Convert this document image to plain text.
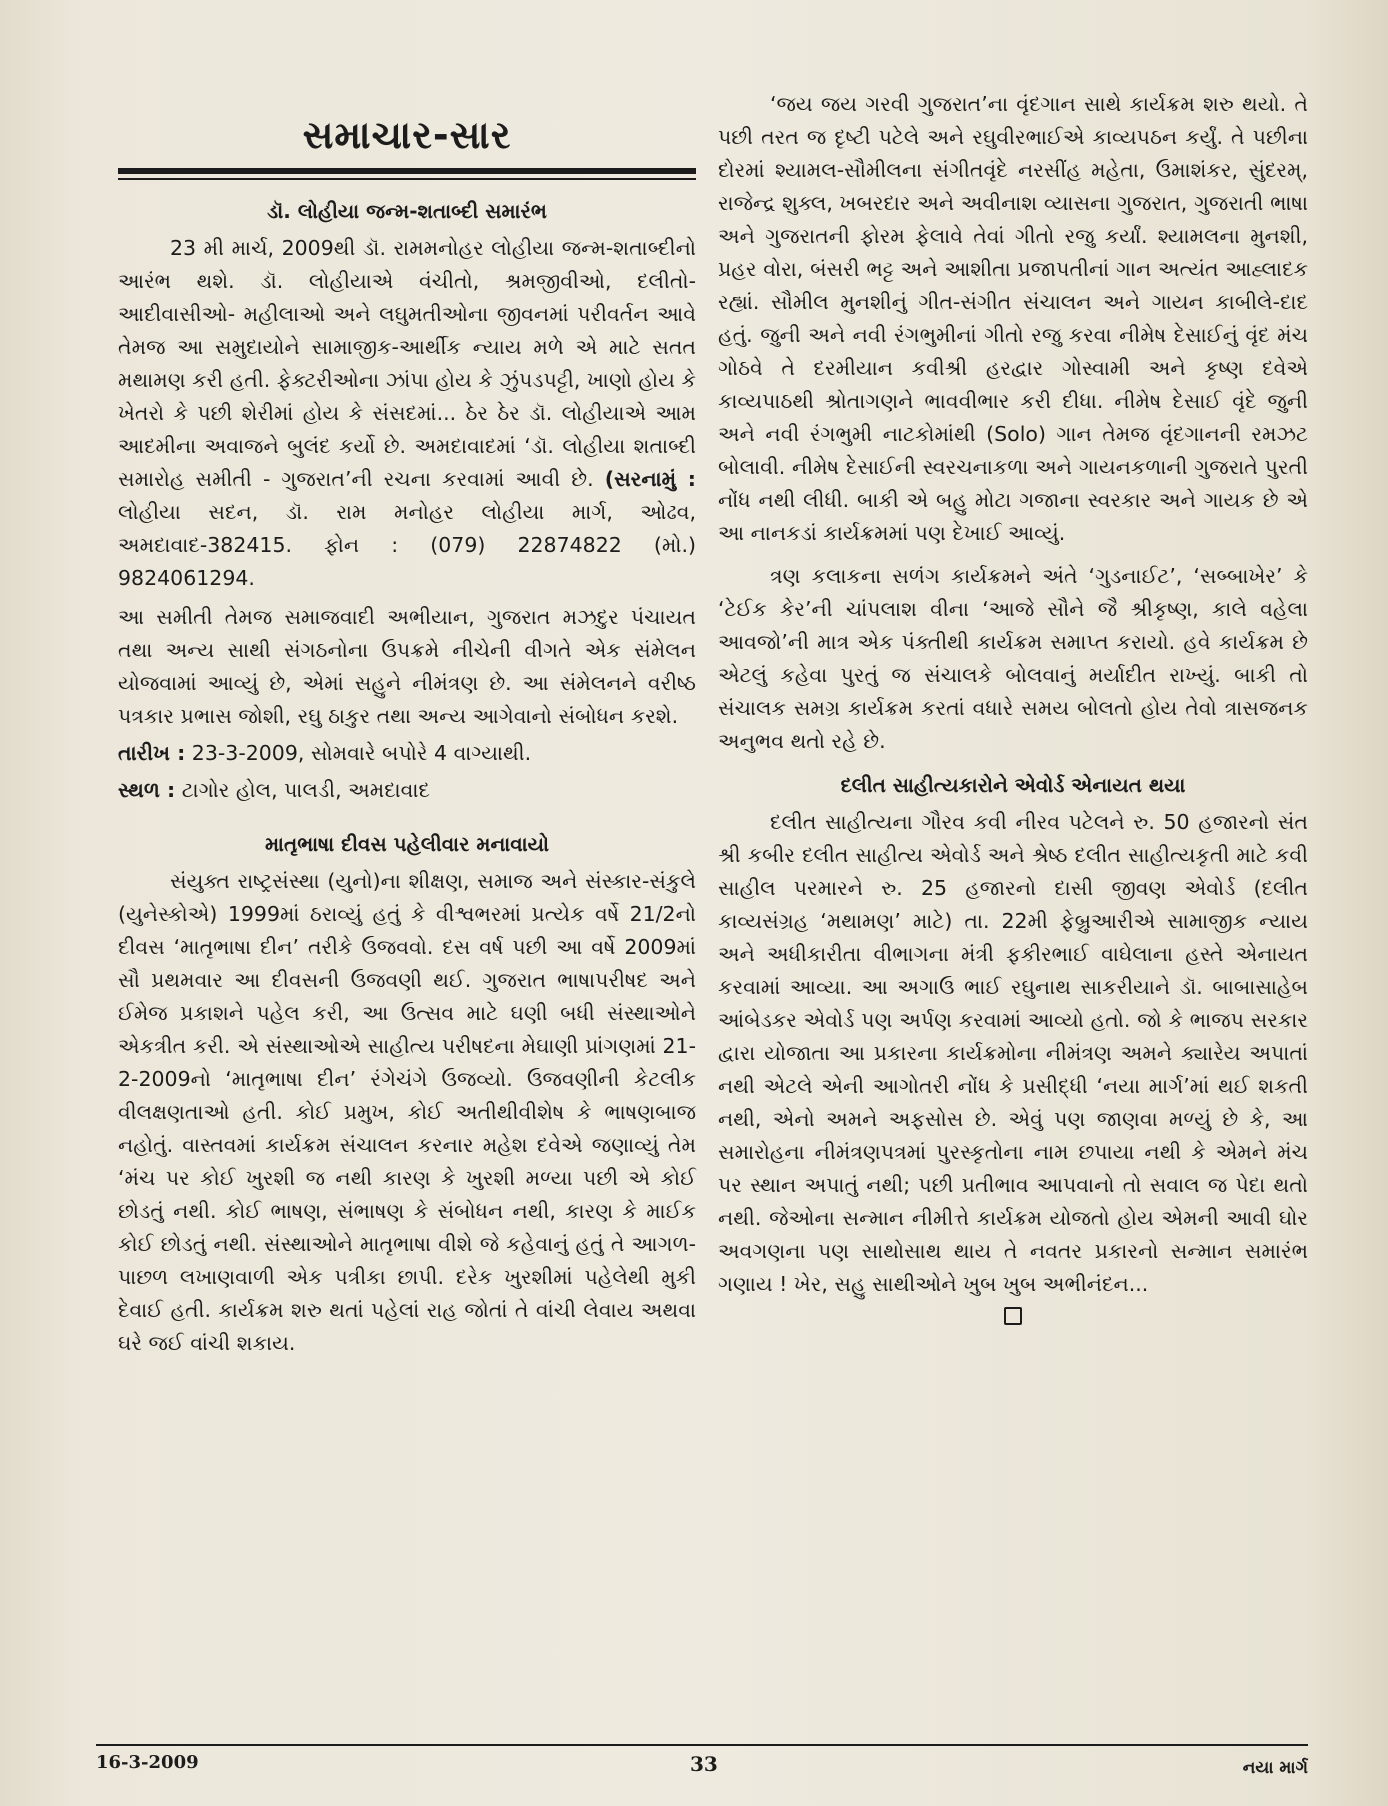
સમાચાર-સાર
ડૉ. લોહીયા જન્મ-શતાબ્દી સમારંભ

23 મી માર્ચ, 2009થી ડૉ. રામમનોહર લોહીયા જન્મ-શતાબ્દીનો આરંભ થશે. ડૉ. લોહીયાએ વંચીતો, શ્રમજીવીઓ, દલીતો-આદીવાસીઓ- મહીલાઓ અને લઘુમતીઓના જીવનમાં પરીવર્તન આવે તેમજ આ સમુદાયોને સામાજીક-આર્થીક ન્યાય મળે એ માટે સતત મથામણ કરી હતી. ફેક્ટરીઓના ઝાંપા હોય કે ઝુંપડપટ્ટી, ખાણો હોય કે ખેતરો કે પછી શેરીમાં હોય કે સંસદમાં... ઠેર ઠેર ડૉ. લોહીયાએ આમ આદમીના અવાજને બુલંદ કર્યો છે. અમદાવાદમાં ‘ડૉ. લોહીયા શતાબ્દી સમારોહ સમીતી - ગુજરાત’ની રચના કરવામાં આવી છે. (સરનામું : લોહીયા સદન, ડૉ. રામ મનોહર લોહીયા માર્ગ, ઓઢવ, અમદાવાદ-382415. ફોન : (079) 22874822 (મો.) 9824061294.

આ સમીતી તેમજ સમાજવાદી અભીયાન, ગુજરાત મઝદુર પંચાયત તથા અન્ય સાથી સંગઠનોના ઉપક્રમે નીચેની વીગતે એક સંમેલન યોજવામાં આવ્યું છે, એમાં સહુને નીમંત્રણ છે. આ સંમેલનને વરીષ્ઠ પત્રકાર પ્રભાસ જોશી, રઘુ ઠાકુર તથા અન્ય આગેવાનો સંબોધન કરશે.

તારીખ : 23-3-2009, સોમવારે બપોરે 4 વાગ્યાથી.
સ્થળ : ટાગોર હોલ, પાલડી, અમદાવાદ
માતૃભાષા દીવસ પહેલીવાર મનાવાયો

સંયુક્ત રાષ્ટ્રસંસ્થા (યુનો)ના શીક્ષણ, સમાજ અને સંસ્કાર-સંકુલે (યુનેસ્કોએ) 1999માં ઠરાવ્યું હતું કે વીશ્વભરમાં પ્રત્યેક વર્ષે 21/2નો દીવસ ‘માતૃભાષા દીન’ તરીકે ઉજવવો. દસ વર્ષ પછી આ વર્ષે 2009માં સૌ પ્રથમવાર આ દીવસની ઉજવણી થઈ. ગુજરાત ભાષાપરીષદ અને ઈમેજ પ્રકાશને પહેલ કરી, આ ઉત્સવ માટે ઘણી બધી સંસ્થાઓને એકત્રીત કરી. એ સંસ્થાઓએ સાહીત્ય પરીષદના મેઘાણી પ્રાંગણમાં 21-2-2009નો ‘માતૃભાષા દીન’ રંગેચંગે ઉજવ્યો. ઉજવણીની કેટલીક વીલક્ષણતાઓ હતી. કોઈ પ્રમુખ, કોઈ અતીથીવીશેષ કે ભાષણબાજ નહોતું. વાસ્તવમાં કાર્યક્રમ સંચાલન કરનાર મહેશ દવેએ જણાવ્યું તેમ ‘મંચ પર કોઈ ખુરશી જ નથી કારણ કે ખુરશી મળ્યા પછી એ કોઈ છોડતું નથી. કોઈ ભાષણ, સંભાષણ કે સંબોધન નથી, કારણ કે માઈક કોઈ છોડતું નથી. સંસ્થાઓને માતૃભાષા વીશે જે કહેવાનું હતું તે આગળ-પાછળ લખાણવાળી એક પત્રીકા છાપી. દરેક ખુરશીમાં પહેલેથી મુકી દેવાઈ હતી. કાર્યક્રમ શરુ થતાં પહેલાં રાહ જોતાં તે વાંચી લેવાય અથવા ઘરે જઈ વાંચી શકાય.

‘જય જય ગરવી ગુજરાત’ના વૃંદગાન સાથે કાર્યક્રમ શરુ થયો. તે પછી તરત જ દૃષ્ટી પટેલે અને રઘુવીરભાઈએ કાવ્યપઠન કર્યું. તે પછીના દોરમાં શ્યામલ-સૌમીલના સંગીતવૃંદે નરસીંહ મહેતા, ઉમાશંકર, સુંદરમ્, રાજેન્દ્ર શુક્લ, ખબરદાર અને અવીનાશ વ્યાસના ગુજરાત, ગુજરાતી ભાષા અને ગુજરાતની ફોરમ ફેલાવે તેવાં ગીતો રજુ કર્યાં. શ્યામલના મુનશી, પ્રહર વોરા, બંસરી ભટ્ટ અને આશીતા પ્રજાપતીનાં ગાન અત્યંત આહ્લાદક રહ્યાં. સૌમીલ મુનશીનું ગીત-સંગીત સંચાલન અને ગાયન કાબીલે-દાદ હતું. જુની અને નવી રંગભુમીનાં ગીતો રજુ કરવા નીમેષ દેસાઈનું વૃંદ મંચ ગોઠવે તે દરમીયાન કવીશ્રી હરદ્વાર ગોસ્વામી અને કૃષ્ણ દવેએ કાવ્યપાઠથી શ્રોતાગણને ભાવવીભાર કરી દીધા. નીમેષ દેસાઈ વૃંદે જુની અને નવી રંગભુમી નાટકોમાંથી (Solo) ગાન તેમજ વૃંદગાનની રમઝટ બોલાવી. નીમેષ દેસાઈની સ્વરચનાકળા અને ગાયનકળાની ગુજરાતે પુરતી નોંધ નથી લીધી. બાકી એ બહુ મોટા ગજાના સ્વરકાર અને ગાયક છે એ આ નાનકડાં કાર્યક્રમમાં પણ દેખાઈ આવ્યું.

ત્રણ કલાકના સળંગ કાર્યક્રમને અંતે ‘ગુડનાઈટ’, ‘સબ્બાખેર’ કે ‘ટેઈક કેર’ની ચાંપલાશ વીના ‘આજે સૌને જૈ શ્રીકૃષ્ણ, કાલે વહેલા આવજો’ની માત્ર એક પંક્તીથી કાર્યક્રમ સમાપ્ત કરાયો. હવે કાર્યક્રમ છે એટલું કહેવા પુરતું જ સંચાલકે બોલવાનું મર્યાદીત રાખ્યું. બાકી તો સંચાલક સમગ્ર કાર્યક્રમ કરતાં વધારે સમય બોલતો હોય તેવો ત્રાસજનક અનુભવ થતો રહે છે.

દલીત સાહીત્યકારોને એવોર્ડ એનાયત થયા

દલીત સાહીત્યના ગૌરવ કવી નીરવ પટેલને રુ. 50 હજારનો સંત શ્રી કબીર દલીત સાહીત્ય એવોર્ડ અને શ્રેષ્ઠ દલીત સાહીત્યકૃતી માટે કવી સાહીલ પરમારને રુ. 25 હજારનો દાસી જીવણ એવોર્ડ (દલીત કાવ્યસંગ્રહ ‘મથામણ’ માટે) તા. 22મી ફેબ્રુઆરીએ સામાજીક ન્યાય અને અધીકારીતા વીભાગના મંત્રી ફકીરભાઈ વાઘેલાના હસ્તે એનાયત કરવામાં આવ્યા. આ અગાઉ ભાઈ રઘુનાથ સાકરીયાને ડૉ. બાબાસાહેબ આંબેડકર એવોર્ડ પણ અર્પણ કરવામાં આવ્યો હતો. જો કે ભાજપ સરકાર દ્વારા યોજાતા આ પ્રકારના કાર્યક્રમોના નીમંત્રણ અમને ક્યારેય અપાતાં નથી એટલે એની આગોતરી નોંધ કે પ્રસીદ્ધી ‘નયા માર્ગ’માં થઈ શકતી નથી, એનો અમને અફસોસ છે. એવું પણ જાણવા મળ્યું છે કે, આ સમારોહના નીમંત્રણપત્રમાં પુરસ્કૃતોના નામ છપાયા નથી કે એમને મંચ પર સ્થાન અપાતું નથી; પછી પ્રતીભાવ આપવાનો તો સવાલ જ પેદા થતો નથી. જેઓના સન્માન નીમીત્તે કાર્યક્રમ યોજતો હોય એમની આવી ઘોર અવગણના પણ સાથોસાથ થાય તે નવતર પ્રકારનો સન્માન સમારંભ ગણાય ! ખેર, સહુ સાથીઓને ખુબ ખુબ અભીનંદન...

16-3-2009	33	નયા માર્ગ
